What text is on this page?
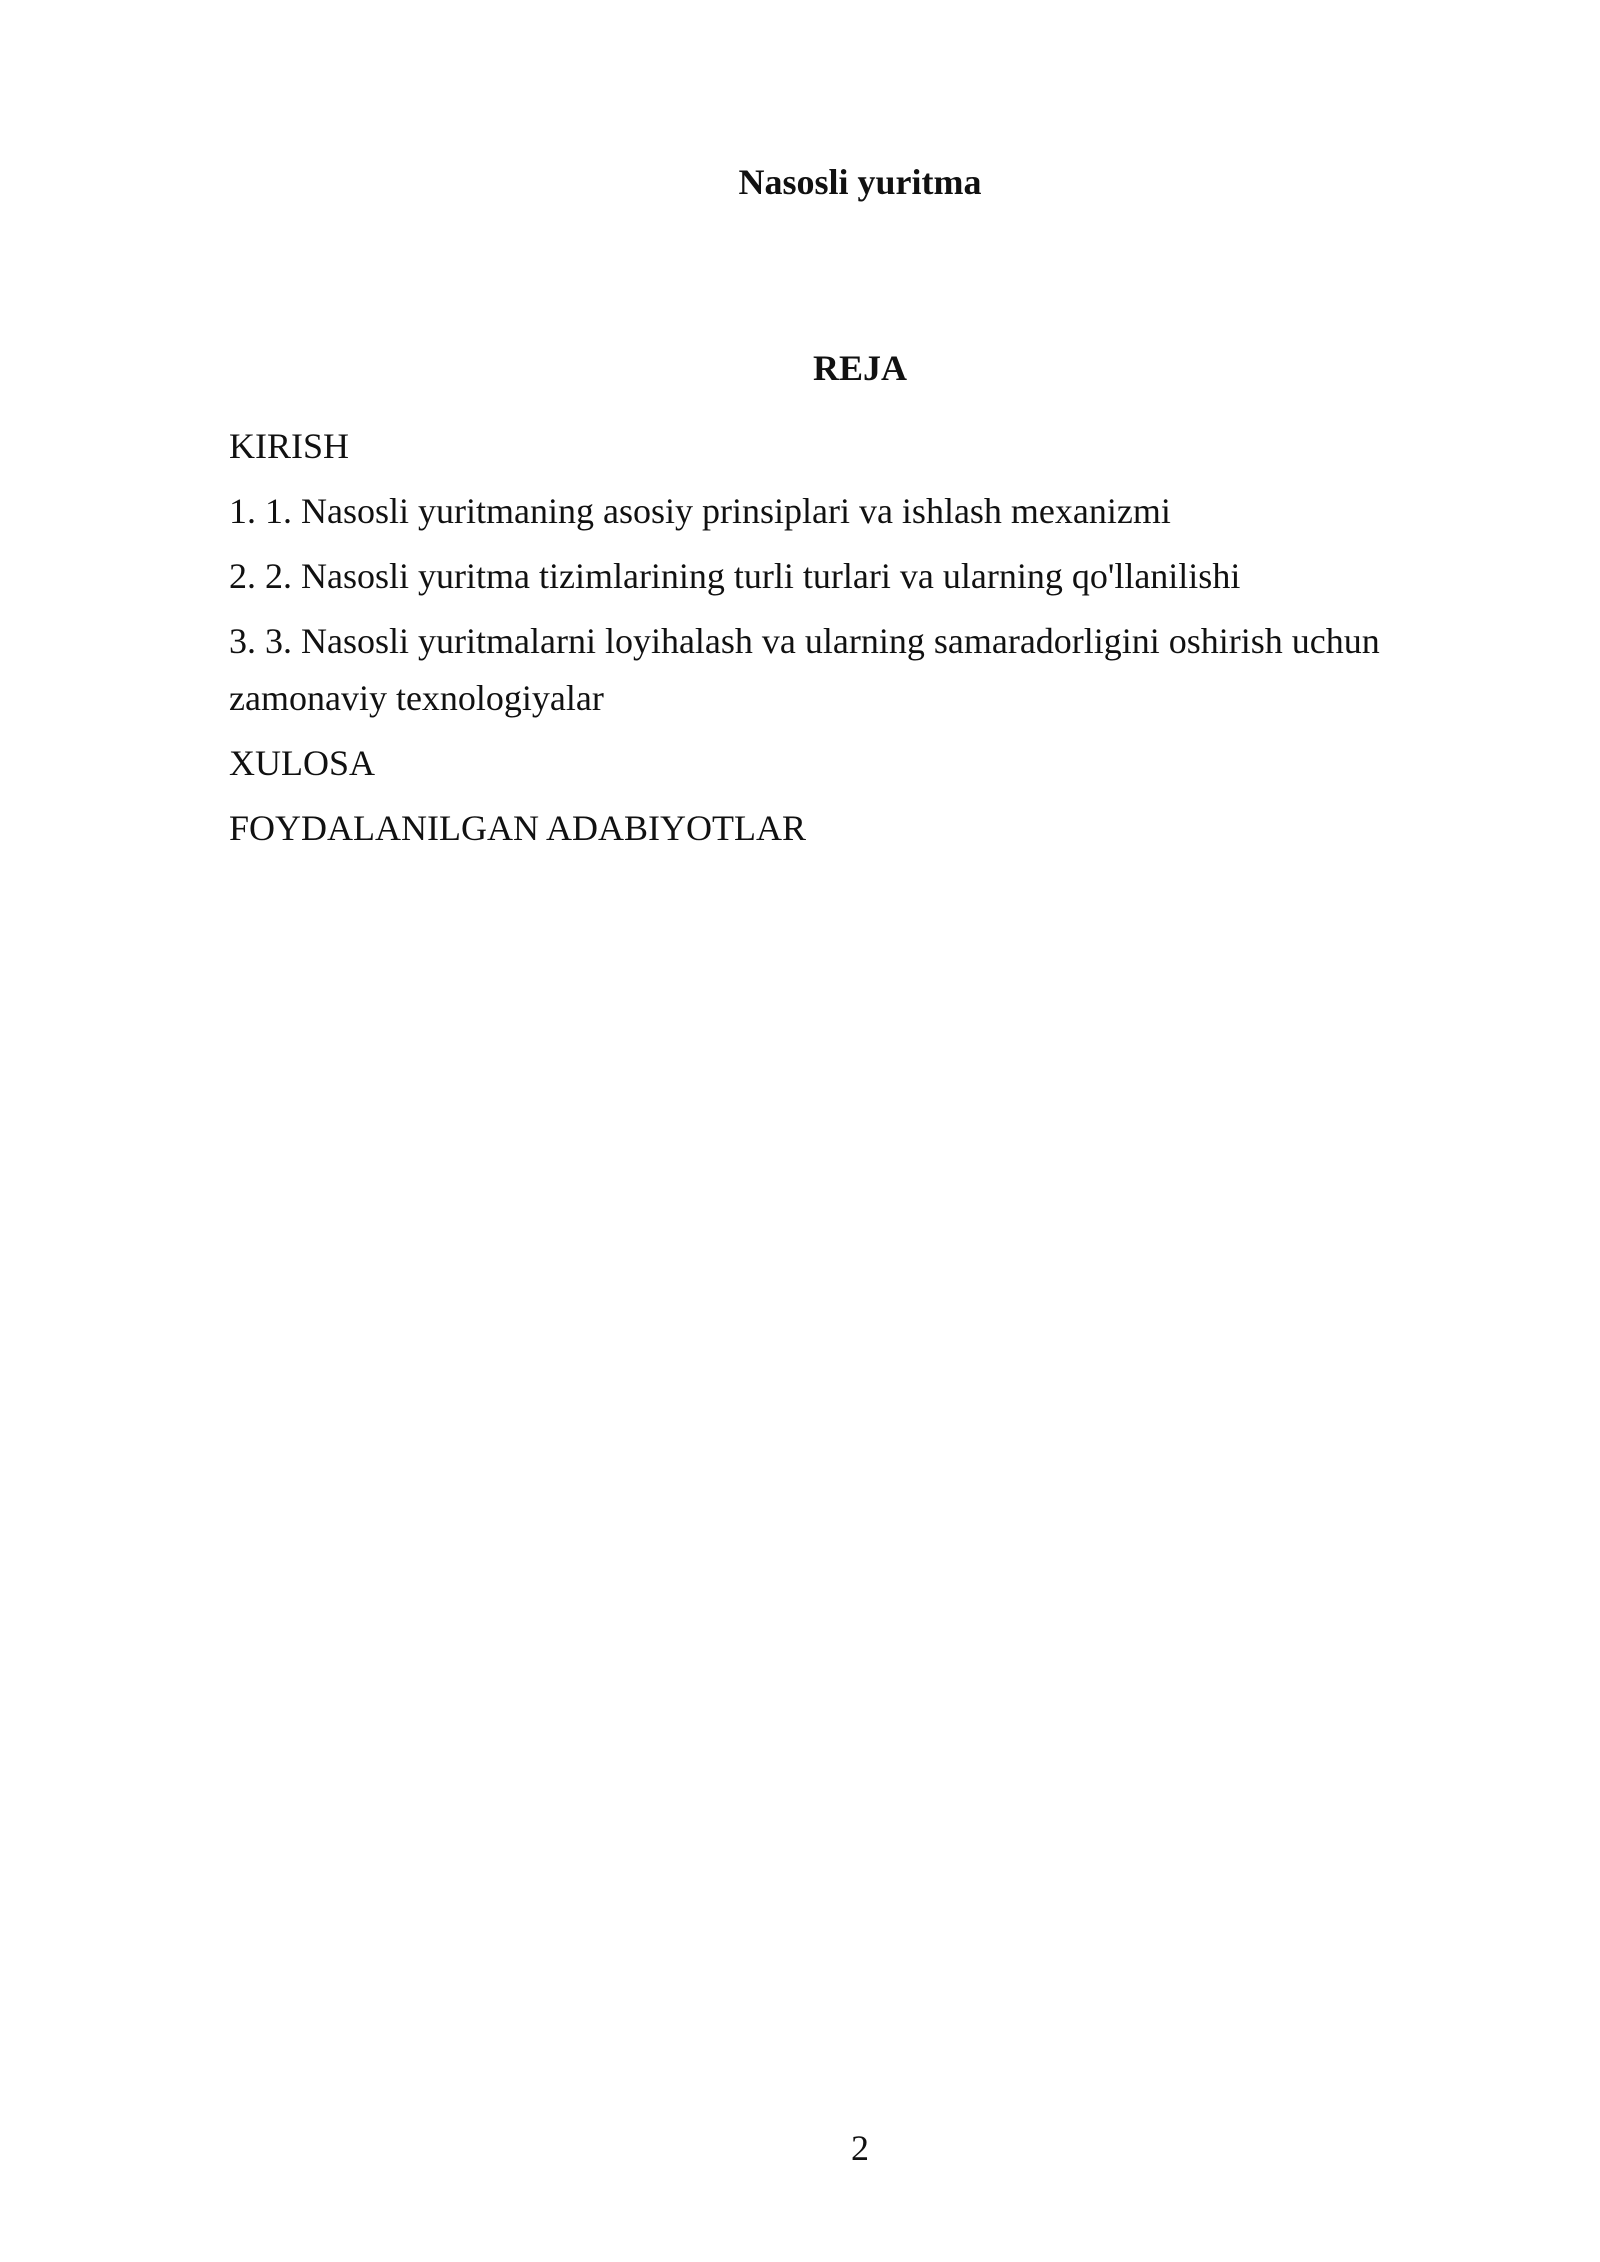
Nasosli yuritma
REJA
KIRISH
1. 1. Nasosli yuritmaning asosiy prinsiplari va ishlash mexanizmi
2. 2. Nasosli yuritma tizimlarining turli turlari va ularning qo'llanilishi
3. 3. Nasosli yuritmalarni loyihalash va ularning samaradorligini oshirish uchun zamonaviy texnologiyalar
XULOSA
FOYDALANILGAN ADABIYOTLAR
2
